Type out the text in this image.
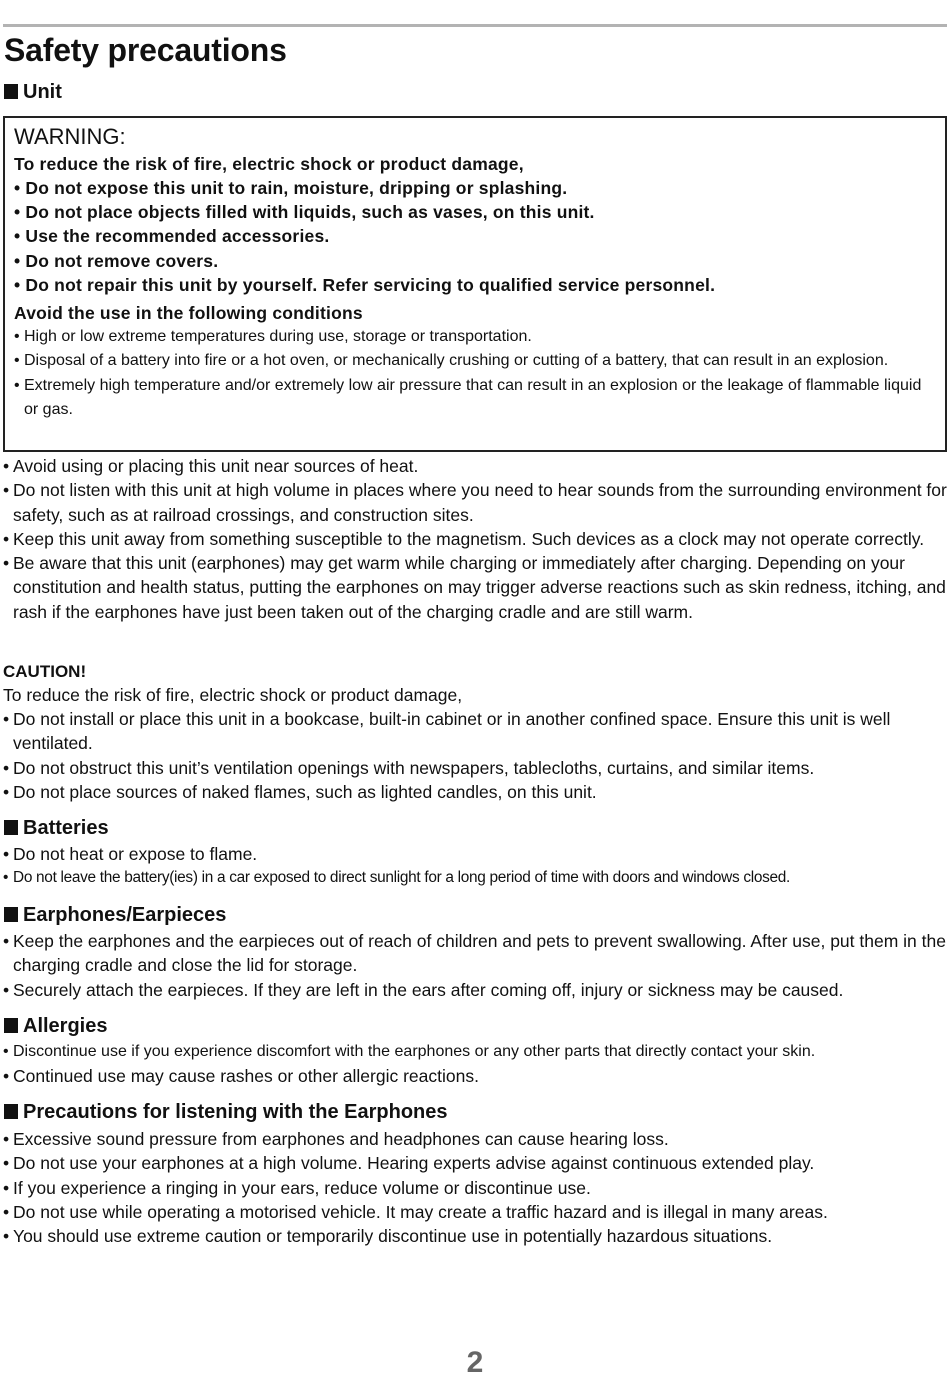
Safety precautions
Unit
WARNING:
To reduce the risk of fire, electric shock or product damage,
• Do not expose this unit to rain, moisture, dripping or splashing.
• Do not place objects filled with liquids, such as vases, on this unit.
• Use the recommended accessories.
• Do not remove covers.
• Do not repair this unit by yourself. Refer servicing to qualified service personnel.
Avoid the use in the following conditions
• High or low extreme temperatures during use, storage or transportation.
• Disposal of a battery into fire or a hot oven, or mechanically crushing or cutting of a battery, that can result in an explosion.
• Extremely high temperature and/or extremely low air pressure that can result in an explosion or the leakage of flammable liquid or gas.
• Avoid using or placing this unit near sources of heat.
• Do not listen with this unit at high volume in places where you need to hear sounds from the surrounding environment for safety, such as at railroad crossings, and construction sites.
• Keep this unit away from something susceptible to the magnetism. Such devices as a clock may not operate correctly.
• Be aware that this unit (earphones) may get warm while charging or immediately after charging. Depending on your constitution and health status, putting the earphones on may trigger adverse reactions such as skin redness, itching, and rash if the earphones have just been taken out of the charging cradle and are still warm.
CAUTION!
To reduce the risk of fire, electric shock or product damage,
• Do not install or place this unit in a bookcase, built-in cabinet or in another confined space. Ensure this unit is well ventilated.
• Do not obstruct this unit’s ventilation openings with newspapers, tablecloths, curtains, and similar items.
• Do not place sources of naked flames, such as lighted candles, on this unit.
Batteries
• Do not heat or expose to flame.
• Do not leave the battery(ies) in a car exposed to direct sunlight for a long period of time with doors and windows closed.
Earphones/Earpieces
• Keep the earphones and the earpieces out of reach of children and pets to prevent swallowing. After use, put them in the charging cradle and close the lid for storage.
• Securely attach the earpieces. If they are left in the ears after coming off, injury or sickness may be caused.
Allergies
• Discontinue use if you experience discomfort with the earphones or any other parts that directly contact your skin.
• Continued use may cause rashes or other allergic reactions.
Precautions for listening with the Earphones
• Excessive sound pressure from earphones and headphones can cause hearing loss.
• Do not use your earphones at a high volume. Hearing experts advise against continuous extended play.
• If you experience a ringing in your ears, reduce volume or discontinue use.
• Do not use while operating a motorised vehicle. It may create a traffic hazard and is illegal in many areas.
• You should use extreme caution or temporarily discontinue use in potentially hazardous situations.
2
